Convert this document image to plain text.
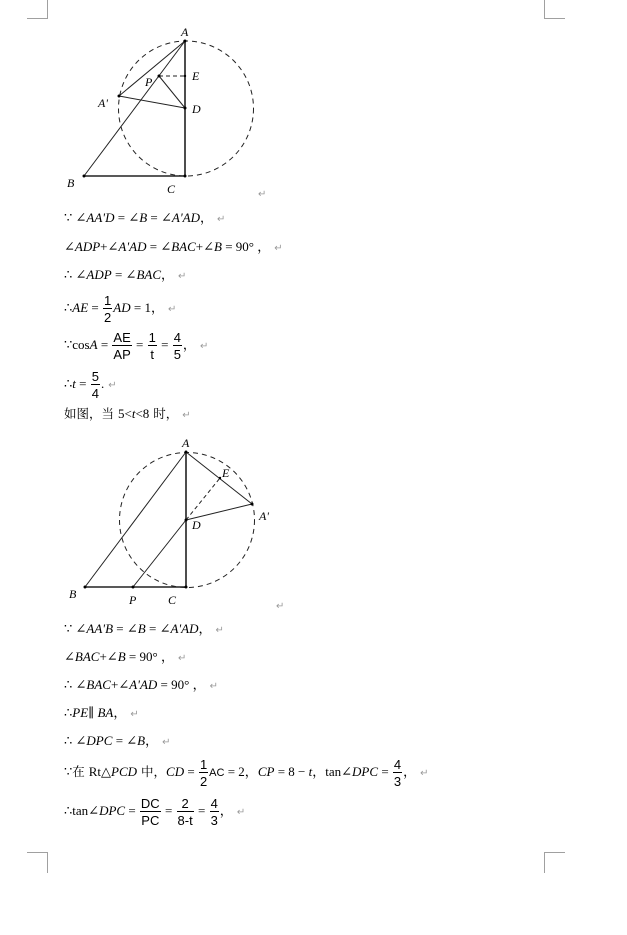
A
E
D
C
B
P
A'
↵
A
E
A'
D
C
B	P	↵
∵ ∠AA'D = ∠B = ∠A'AD， ↵
∠ADP+∠A'AD = ∠BAC+∠B = 90° ， ↵
∴ ∠ADP = ∠BAC， ↵
∴AE = $\frac{1}{2}$ AD = 1， ↵
∵cosA = $\frac{AE}{AP} = \frac{1}{t} = \frac{4}{5}$ ， ↵
∴t = $\frac{5}{4}$ . ↵
如图，当 5<t<8 时， ↵
∵ ∠AA'B = ∠B = ∠A'AD， ↵
∠BAC+∠B = 90° ， ↵
∴ ∠BAC+∠A'AD = 90° ， ↵
∴PE∥ BA， ↵
∴ ∠DPC = ∠B， ↵
∵在 Rt△PCD 中，CD = $\frac{1}{2}$ AC = 2，CP = 8 − t，tan∠DPC = $\frac{4}{3}$ ， ↵
∴tan∠DPC = $\frac{DC}{PC} = \frac{2}{8-t} = \frac{4}{3}$ ， ↵
